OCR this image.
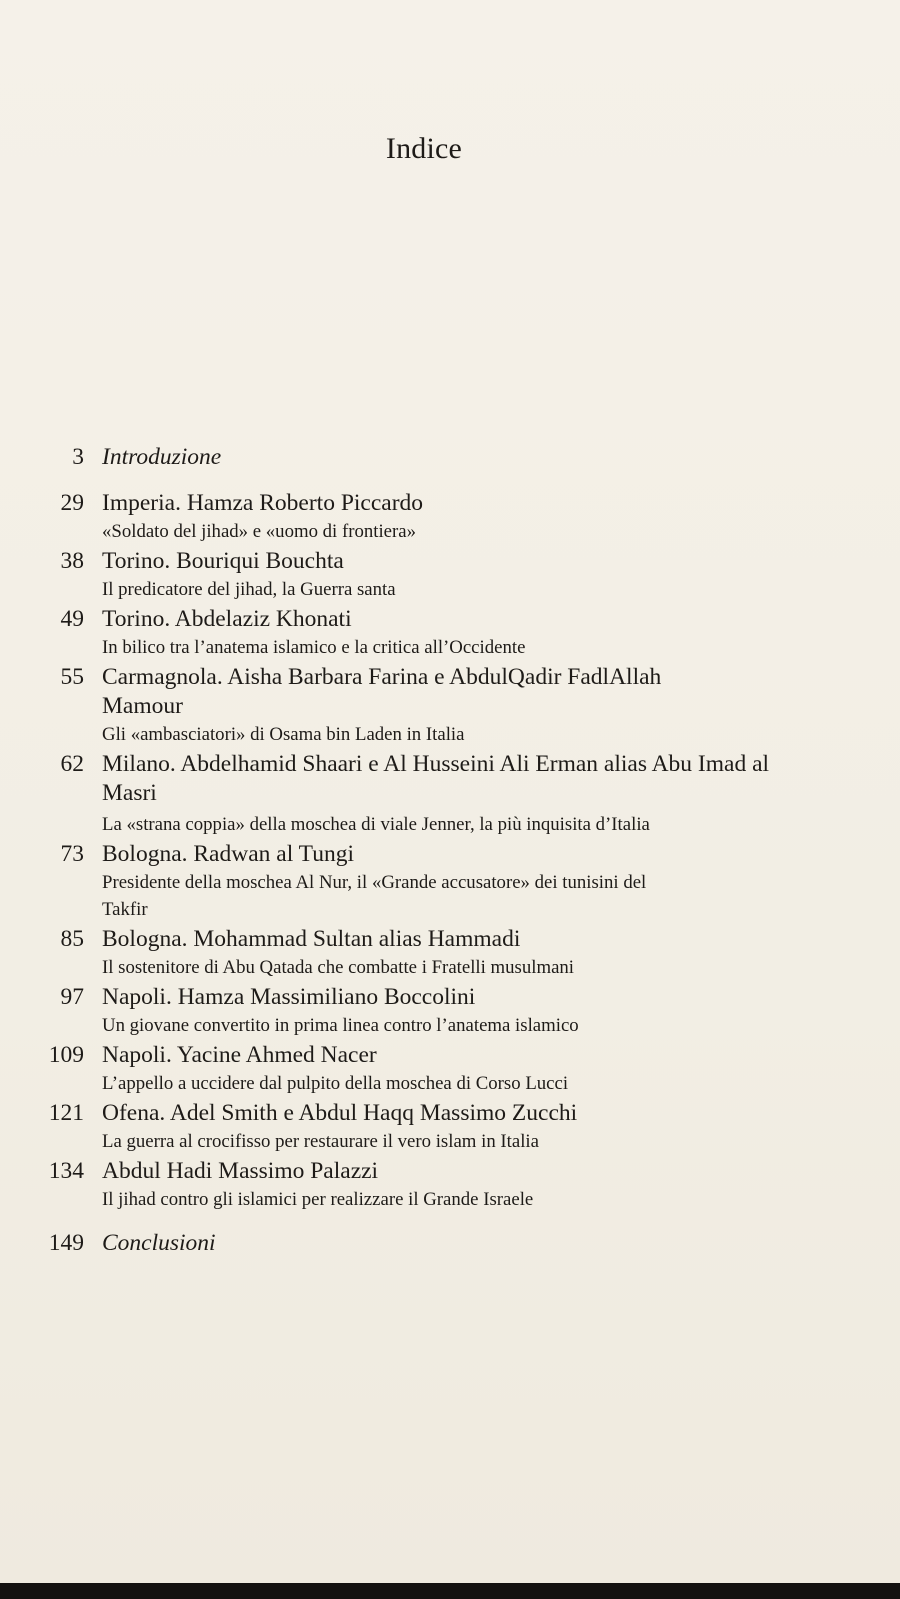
Indice
3 Introduzione
29 Imperia. Hamza Roberto Piccardo
«Soldato del jihad» e «uomo di frontiera»
38 Torino. Bouriqui Bouchta
Il predicatore del jihad, la Guerra santa
49 Torino. Abdelaziz Khonati
In bilico tra l’anatema islamico e la critica all’Occidente
55 Carmagnola. Aisha Barbara Farina e AbdulQadir FadlAllah Mamour
Gli «ambasciatori» di Osama bin Laden in Italia
62 Milano. Abdelhamid Shaari e Al Husseini Ali Erman alias Abu Imad al Masri
La «strana coppia» della moschea di viale Jenner, la più inquisita d’Italia
73 Bologna. Radwan al Tungi
Presidente della moschea Al Nur, il «Grande accusatore» dei tunisini del Takfir
85 Bologna. Mohammad Sultan alias Hammadi
Il sostenitore di Abu Qatada che combatte i Fratelli musulmani
97 Napoli. Hamza Massimiliano Boccolini
Un giovane convertito in prima linea contro l’anatema islamico
109 Napoli. Yacine Ahmed Nacer
L’appello a uccidere dal pulpito della moschea di Corso Lucci
121 Ofena. Adel Smith e Abdul Haqq Massimo Zucchi
La guerra al crocifisso per restaurare il vero islam in Italia
134 Abdul Hadi Massimo Palazzi
Il jihad contro gli islamici per realizzare il Grande Israele
149 Conclusioni
